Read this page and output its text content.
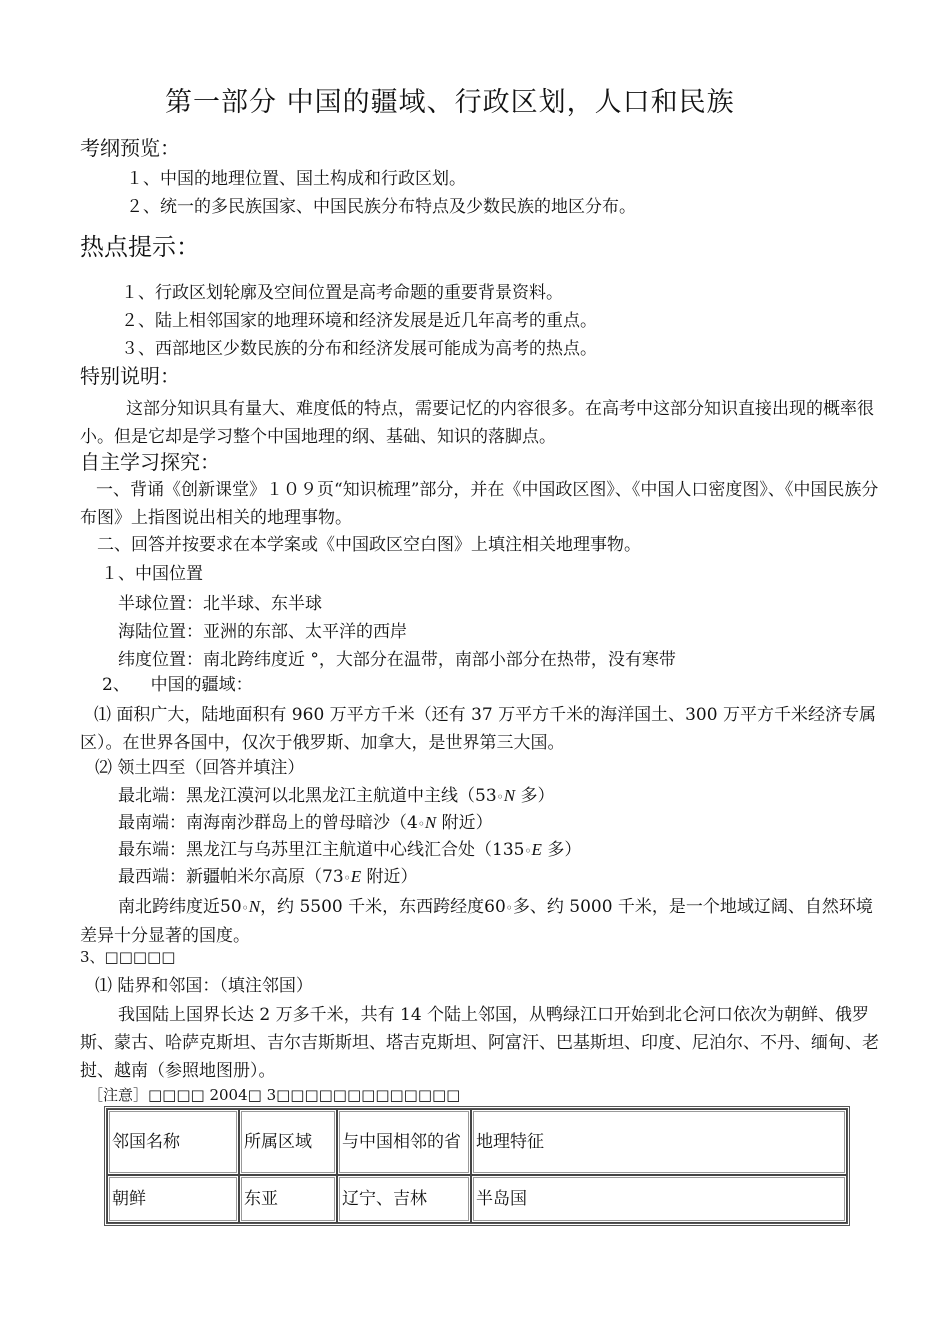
第一部分 中国的疆域、行政区划，人口和民族
考纲预览：
１、中国的地理位置、国土构成和行政区划。
２、统一的多民族国家、中国民族分布特点及少数民族的地区分布。
热点提示：
１、行政区划轮廓及空间位置是高考命题的重要背景资料。
２、陆上相邻国家的地理环境和经济发展是近几年高考的重点。
３、西部地区少数民族的分布和经济发展可能成为高考的热点。
特别说明：
这部分知识具有量大、难度低的特点，需要记忆的内容很多。在高考中这部分知识直接出现的概率很小。但是它却是学习整个中国地理的纲、基础、知识的落脚点。
自主学习探究：
一、背诵《创新课堂》１０９页“知识梳理”部分，并在《中国政区图》、《中国人口密度图》、《中国民族分布图》上指图说出相关的地理事物。
二、回答并按要求在本学案或《中国政区空白图》上填注相关地理事物。
１、中国位置
半球位置：北半球、东半球
海陆位置：亚洲的东部、太平洋的西岸
纬度位置：南北跨纬度近 °，大部分在温带，南部小部分在热带，没有寒带
2、 中国的疆域：
⑴ 面积广大，陆地面积有 960 万平方千米（还有 37 万平方千米的海洋国土、300 万平方千米经济专属区）。在世界各国中，仅次于俄罗斯、加拿大，是世界第三大国。
⑵ 领土四至（回答并填注）
最北端：黑龙江漠河以北黑龙江主航道中主线（53◦N 多）
最南端：南海南沙群岛上的曾母暗沙（4◦N 附近）
最东端：黑龙江与乌苏里江主航道中心线汇合处（135◦E 多）
最西端：新疆帕米尔高原（73◦E 附近）
南北跨纬度近50◦N，约 5500 千米，东西跨经度60◦多、约 5000 千米，是一个地域辽阔、自然环境差异十分显著的国度。
3、□□□□□
⑴ 陆界和邻国：（填注邻国）
我国陆上国界长达 2 万多千米，共有 14 个陆上邻国，从鸭绿江口开始到北仑河口依次为朝鲜、俄罗斯、蒙古、哈萨克斯坦、吉尔吉斯斯坦、塔吉克斯坦、阿富汗、巴基斯坦、印度、尼泊尔、不丹、缅甸、老挝、越南（参照地图册）。
［注意］□□□□ 2004□ 3□□□□□□□□□□□□□
邻国名称	所属区域	与中国相邻的省	地理特征
朝鲜	东亚	辽宁、吉林	半岛国
